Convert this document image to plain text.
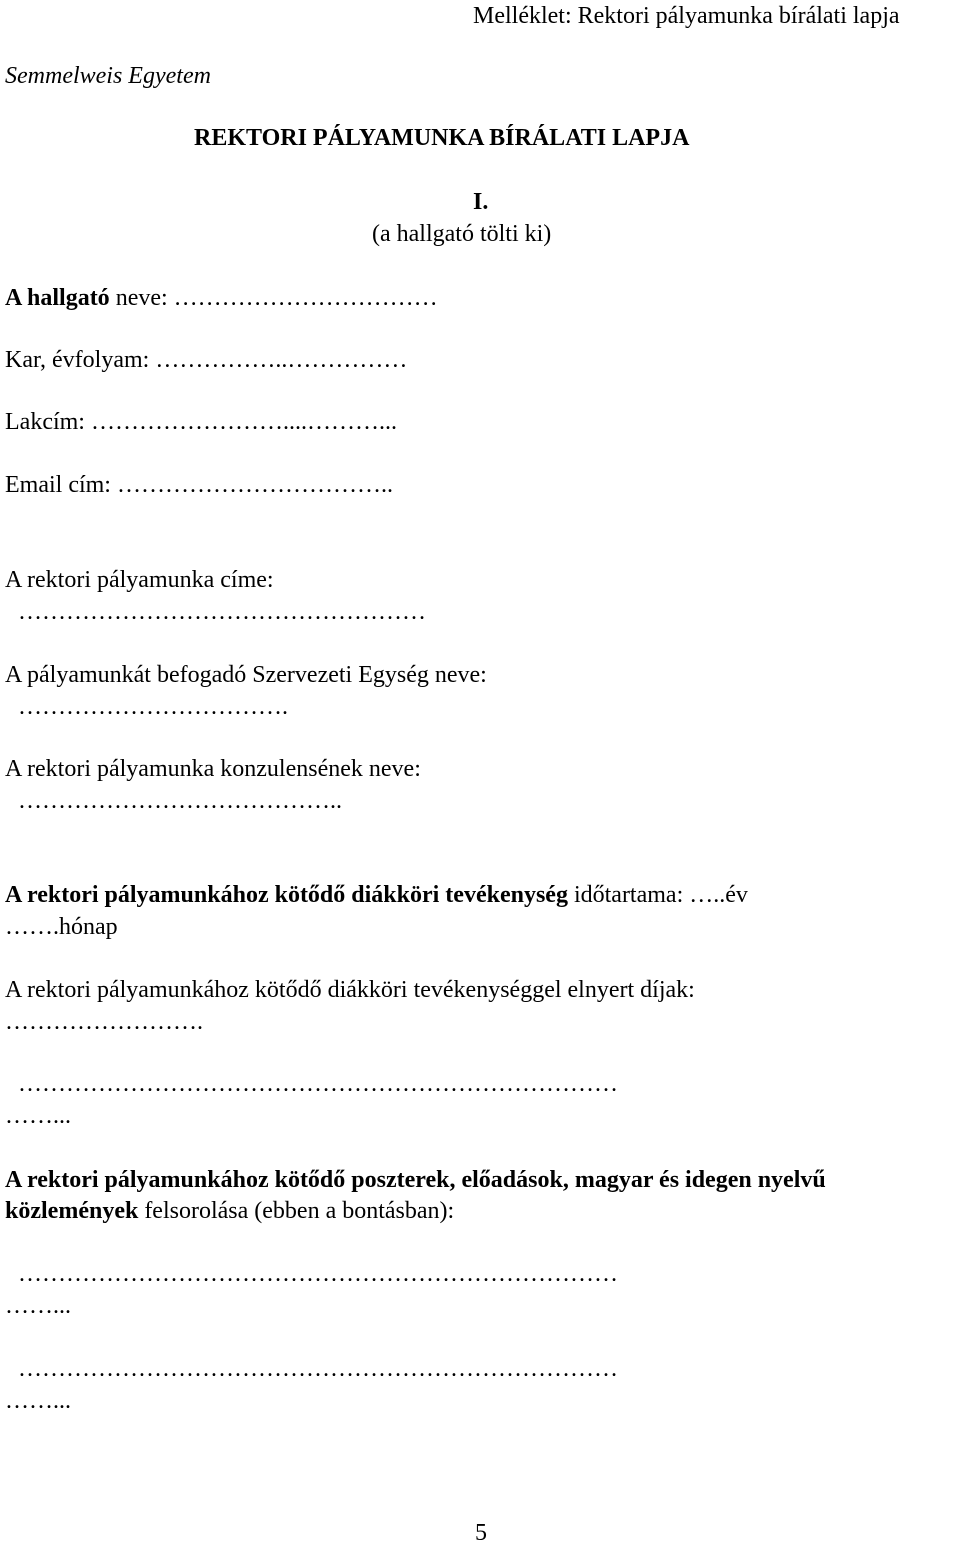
Melléklet: Rektori pályamunka bírálati lapja
Semmelweis Egyetem
REKTORI PÁLYAMUNKA BÍRÁLATI LAPJA
I.
(a hallgató tölti ki)
A hallgató neve: ……………………………
Kar, évfolyam: ……………..……………
Lakcím: ……………………....………...
Email cím: ……………………………..
A rektori pályamunka címe:
……………………………………………
A pályamunkát befogadó Szervezeti Egység neve:
…………………………….
A rektori pályamunka konzulensének neve:
…………………………………..
A rektori pályamunkához kötődő diákköri tevékenység időtartama: …..év
…….hónap
A rektori pályamunkához kötődő diákköri tevékenységgel elnyert díjak:
…………………….
…………………………………………………………………
……...
A rektori pályamunkához kötődő poszterek, előadások, magyar és idegen nyelvű
közlemények felsorolása (ebben a bontásban):
…………………………………………………………………
……...
…………………………………………………………………
……...
5
